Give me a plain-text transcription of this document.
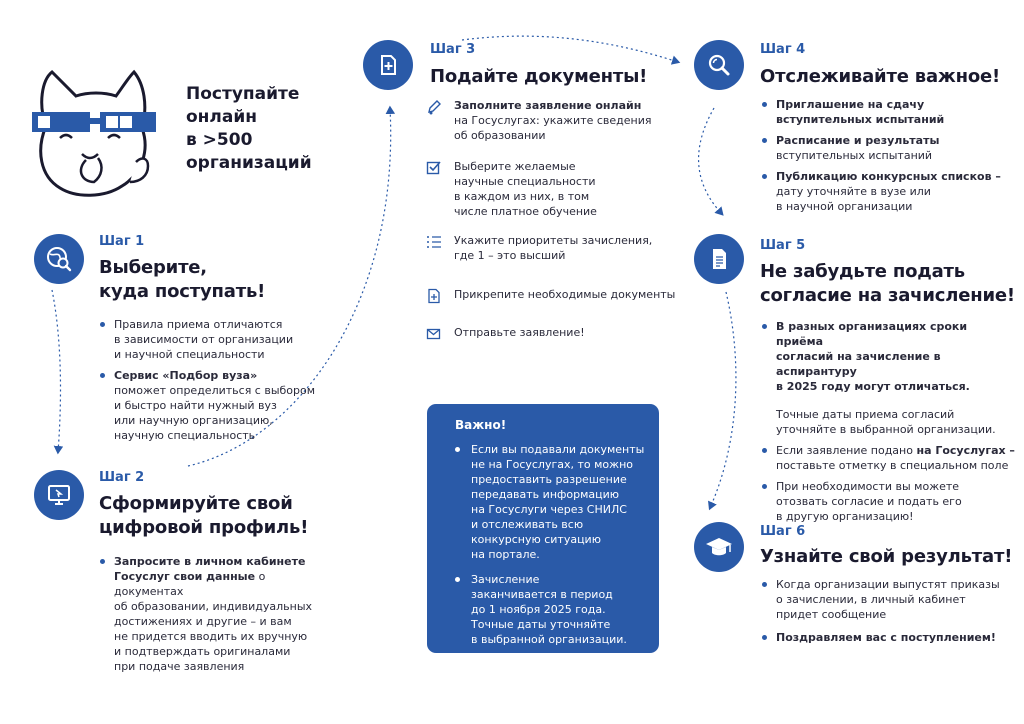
Поступайте
онлайн
в >500
организаций
Шаг 1
Выберите,
куда поступать!
Правила приема отличаются
в зависимости от организации
и научной специальности
Сервис «Подбор вуза»
поможет определиться с выбором
и быстро найти нужный вуз
или научную организацию,
научную специальность
Шаг 2
Сформируйте свой
цифровой профиль!
Запросите в личном кабинете
Госуслуг свои данные о документах
об образовании, индивидуальных
достижениях и другие – и вам
не придется вводить их вручную
и подтверждать оригиналами
при подаче заявления
Шаг 3
Подайте документы!
Заполните заявление онлайн
на Госуслугах: укажите сведения
об образовании
Выберите желаемые
научные специальности
в каждом из них, в том
числе платное обучение
Укажите приоритеты зачисления,
где 1 – это высший
Прикрепите необходимые документы
Отправьте заявление!
Важно!
Если вы подавали документы
не на Госуслугах, то можно
предоставить разрешение
передавать информацию
на Госуслуги через СНИЛС
и отслеживать всю
конкурсную ситуацию
на портале.
Зачисление
заканчивается в период
до 1 ноября 2025 года.
Точные даты уточняйте
в выбранной организации.
Шаг 4
Отслеживайте важное!
Приглашение на сдачу
вступительных испытаний
Расписание и результаты
вступительных испытаний
Публикацию конкурсных списков –
дату уточняйте в вузе или
в научной организации
Шаг 5
Не забудьте подать
согласие на зачисление!
В разных организациях сроки приёма
согласий на зачисление в аспирантуру
в 2025 году могут отличаться.
Точные даты приема согласий
уточняйте в выбранной организации.
Если заявление подано на Госуслугах –
поставьте отметку в специальном поле
При необходимости вы можете
отозвать согласие и подать его
в другую организацию!
Шаг 6
Узнайте свой результат!
Когда организации выпустят приказы
о зачислении, в личный кабинет
придет сообщение
Поздравляем вас с поступлением!
